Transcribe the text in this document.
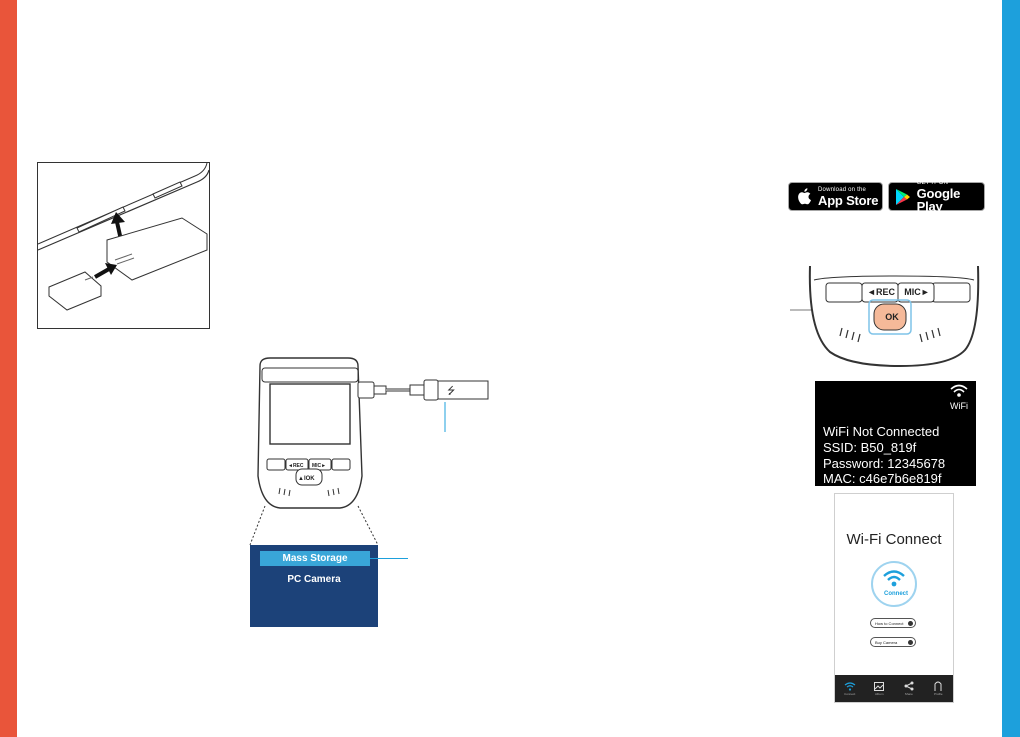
Download on the
App Store
GET IT ON
Google Play
◄REC	MIC►
OK
WiFi
WiFi Not Connected
SSID: B50_819f
Password: 12345678
MAC: c46e7b6e819f
Wi-Fi Connect
Connect
How to Connect
Buy Camera
Connect	Album	Share	Profile
▲IOK
◄REC MIC►
⭍
Mass Storage
PC Camera
